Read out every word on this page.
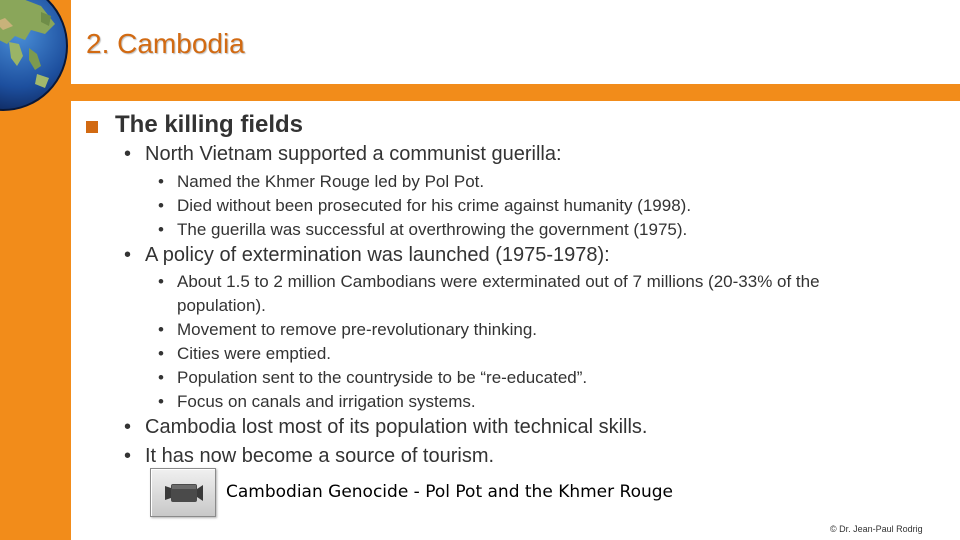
2. Cambodia
The killing fields
• North Vietnam supported a communist guerilla:
• Named the Khmer Rouge led by Pol Pot.
• Died without been prosecuted for his crime against humanity (1998).
• The guerilla was successful at overthrowing the government (1975).
• A policy of extermination was launched (1975-1978):
• About 1.5 to 2 million Cambodians were exterminated out of 7 millions (20-33% of the
population).
• Movement to remove pre-revolutionary thinking.
• Cities were emptied.
• Population sent to the countryside to be “re-educated”.
• Focus on canals and irrigation systems.
• Cambodia lost most of its population with technical skills.
• It has now become a source of tourism.

Cambodian Genocide - Pol Pot and the Khmer Rouge

© Dr. Jean-Paul Rodrig
